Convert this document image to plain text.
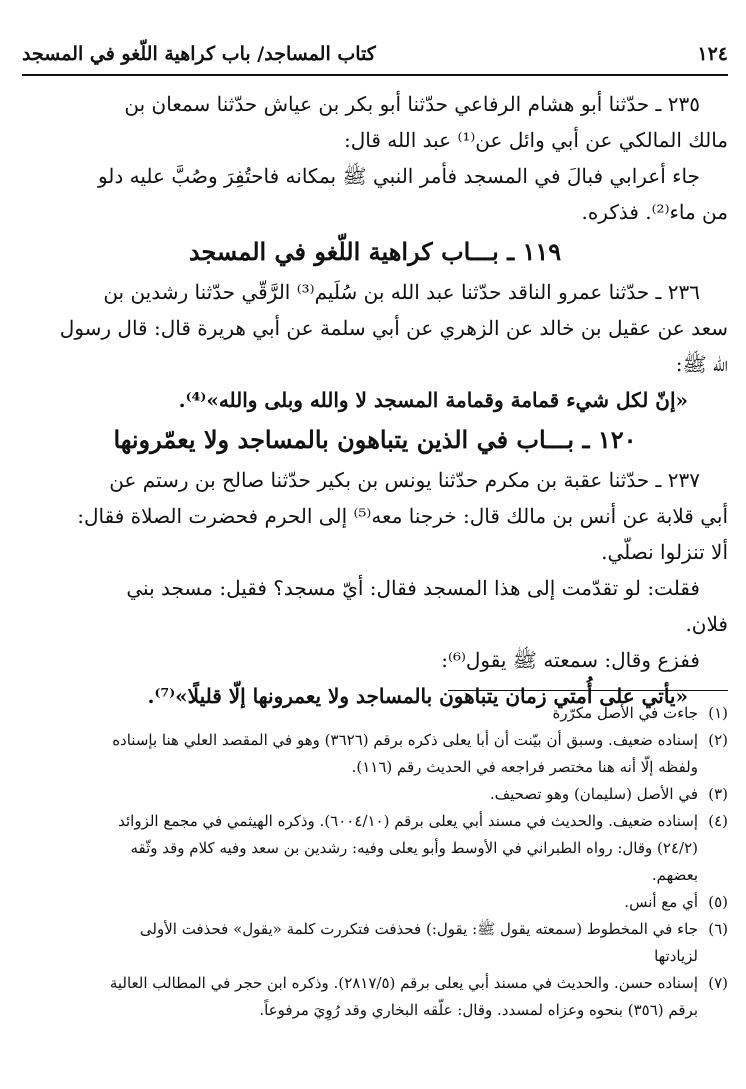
١٢٤
كتاب المساجد/ باب كراهية اللّغو في المسجد

٢٣٥ ـ حدّثنا أبو هشام الرفاعي حدّثنا أبو بكر بن عياش حدّثنا سمعان بن

مالك المالكي عن أبي وائل عن⁽¹⁾ عبد الله قال:

جاء أعرابي فبالَ في المسجد فأمر النبي ﷺ بمكانه فاحتُفِرَ وصُبَّ عليه دلو

من ماء⁽²⁾. فذكره.

١١٩ ـ بـــاب كراهية اللّغو في المسجد

٢٣٦ ـ حدّثنا عمرو الناقد حدّثنا عبد الله بن سُلَيم⁽³⁾ الرَّقّي حدّثنا رشدين بن

سعد عن عقيل بن خالد عن الزهري عن أبي سلمة عن أبي هريرة قال: قال رسول

الله ﷺ:

«إنّ لكل شيء قمامة وقمامة المسجد لا والله وبلى والله»⁽⁴⁾.

١٢٠ ـ بـــاب في الذين يتباهون بالمساجد ولا يعمّرونها

٢٣٧ ـ حدّثنا عقبة بن مكرم حدّثنا يونس بن بكير حدّثنا صالح بن رستم عن

أبي قلابة عن أنس بن مالك قال: خرجنا معه⁽⁵⁾ إلى الحرم فحضرت الصلاة فقال:

ألا تنزلوا نصلّي.

فقلت: لو تقدّمت إلى هذا المسجد فقال: أيّ مسجد؟ فقيل: مسجد بني

فلان.

ففزع وقال: سمعته ﷺ يقول⁽⁶⁾:

«يأتي على أُمتي زمان يتباهون بالمساجد ولا يعمرونها إلّا قليلًا»⁽⁷⁾.

(١)
جاءت في الأصل مكرّرة
(٢)
إسناده ضعيف. وسبق أن بيّنت أن أبا يعلى ذكره برقم (٣٦٢٦) وهو في المقصد العلي هنا بإسناده
ولفظه إلّا أنه هنا مختصر فراجعه في الحديث رقم (١١٦).
(٣)
في الأصل (سليمان) وهو تصحيف.
(٤)
إسناده ضعيف. والحديث في مسند أبي يعلى برقم (٦٠٠٤/١٠). وذكره الهيثمي في مجمع الزوائد
(٢٤/٢) وقال: رواه الطبراني في الأوسط وأبو يعلى وفيه: رشدين بن سعد وفيه كلام وقد وثّقه
بعضهم.
(٥)
أي مع أنس.
(٦)
جاء في المخطوط (سمعته يقول ﷺ: يقول:) فحذفت فتكررت كلمة «يقول» فحذفت الأولى
لزيادتها
(٧)
إسناده حسن. والحديث في مسند أبي يعلى برقم (٢٨١٧/٥). وذكره ابن حجر في المطالب العالية
برقم (٣٥٦) بنحوه وعزاه لمسدد. وقال: علّقه البخاري وقد رُوِيَ مرفوعاً.
